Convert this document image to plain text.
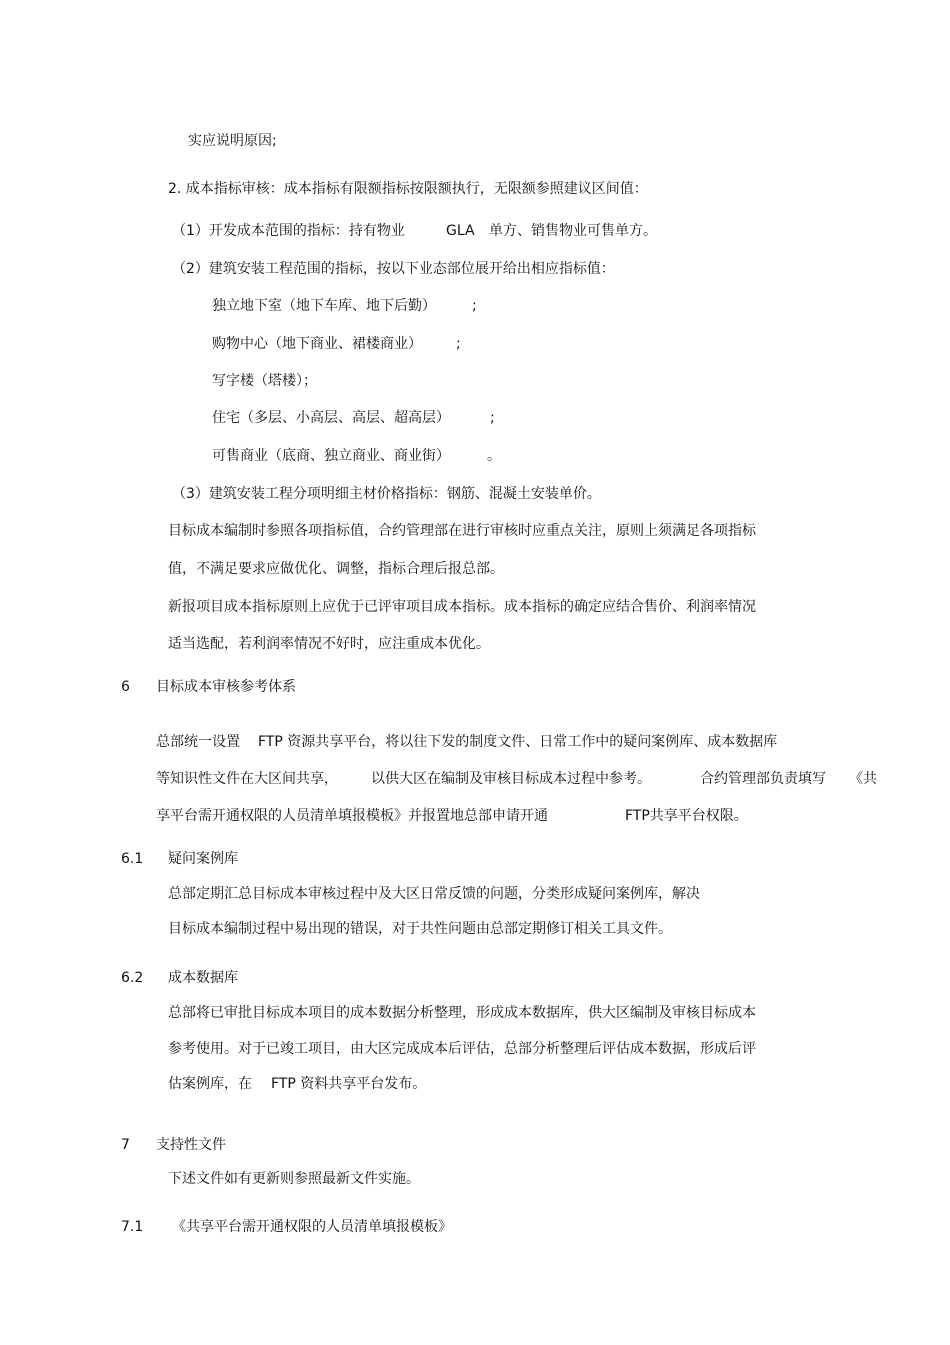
实应说明原因;
2. 成本指标审核：成本指标有限额指标按限额执行，无限额参照建议区间值：
（1）开发成本范围的指标：持有物业	GLA 单方、销售物业可售单方。
（2）建筑安装工程范围的指标，按以下业态部位展开给出相应指标值：
独立地下室（地下车库、地下后勤）	;
购物中心（地下商业、裙楼商业） ;
写字楼（塔楼）；
住宅（多层、小高层、高层、超高层）	;
可售商业（底商、独立商业、商业街）	。
（3）建筑安装工程分项明细主材价格指标：钢筋、混凝土安装单价。
目标成本编制时参照各项指标值，合约管理部在进行审核时应重点关注，原则上须满足各项指标
值，不满足要求应做优化、调整，指标合理后报总部。
新报项目成本指标原则上应优于已评审项目成本指标。成本指标的确定应结合售价、利润率情况
适当选配，若利润率情况不好时，应注重成本优化。
6 目标成本审核参考体系
总部统一设置 FTP 资源共享平台，将以往下发的制度文件、日常工作中的疑问案例库、成本数据库
等知识性文件在大区间共享， 以供大区在编制及审核目标成本过程中参考。	合约管理部负责填写 《共
享平台需开通权限的人员清单填报模板》并报置地总部申请开通	FTP共享平台权限。
6.1 疑问案例库
总部定期汇总目标成本审核过程中及大区日常反馈的问题，分类形成疑问案例库，解决
目标成本编制过程中易出现的错误，对于共性问题由总部定期修订相关工具文件。
6.2 成本数据库
总部将已审批目标成本项目的成本数据分析整理，形成成本数据库，供大区编制及审核目标成本
参考使用。对于已竣工项目，由大区完成成本后评估，总部分析整理后评估成本数据，形成后评
估案例库，在 FTP 资料共享平台发布。
7 支持性文件
下述文件如有更新则参照最新文件实施。
7.1 《共享平台需开通权限的人员清单填报模板》
